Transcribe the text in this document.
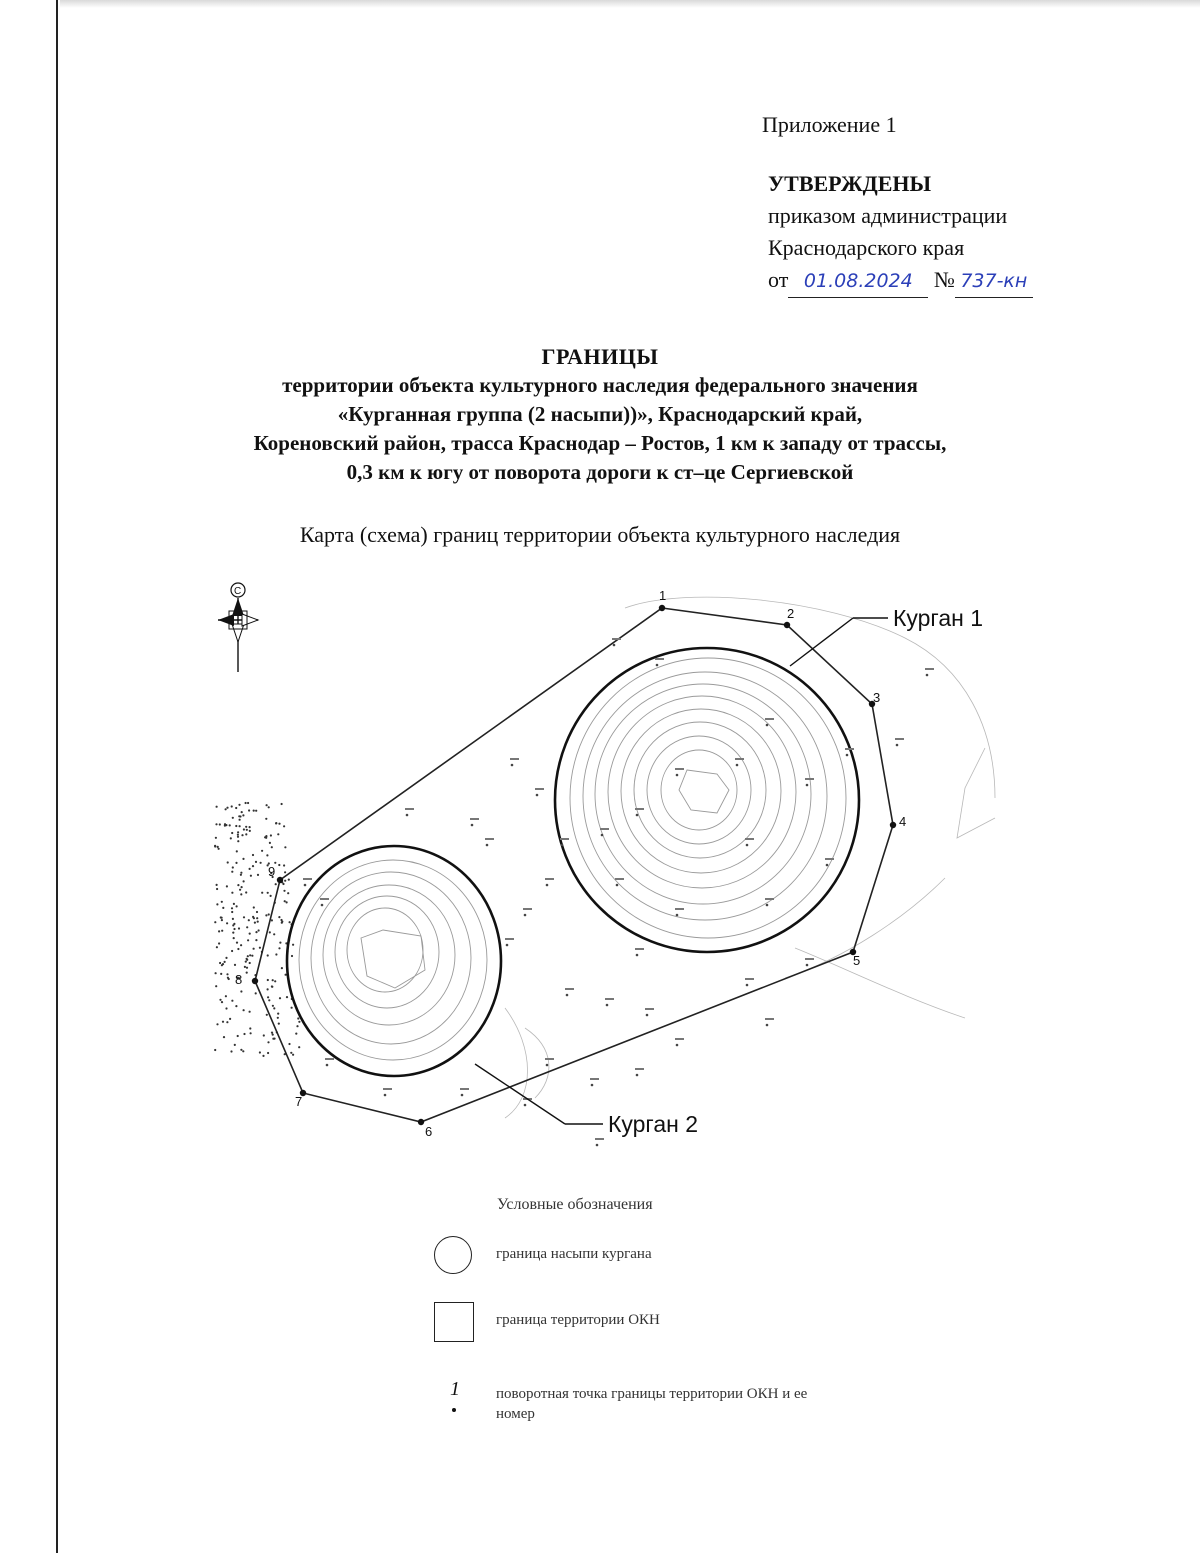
Приложение 1
УТВЕРЖДЕНЫ
приказом администрации
Краснодарского края
от 01.08.2024 № 737-кн
ГРАНИЦЫ
территории объекта культурного наследия федерального значения
«Курганная группа (2 насыпи))», Краснодарский край,
Кореновский район, трасса Краснодар – Ростов, 1 км к западу от трассы,
0,3 км к югу от поворота дороги к ст–це Сергиевской
Карта (схема) границ территории объекта культурного наследия
1
2
3
4
5
6
7
8
9
Курган 1
Курган 2
С
Условные обозначения
граница насыпи кургана
граница территории ОКН
1 поворотная точка границы территории ОКН и ее номер
